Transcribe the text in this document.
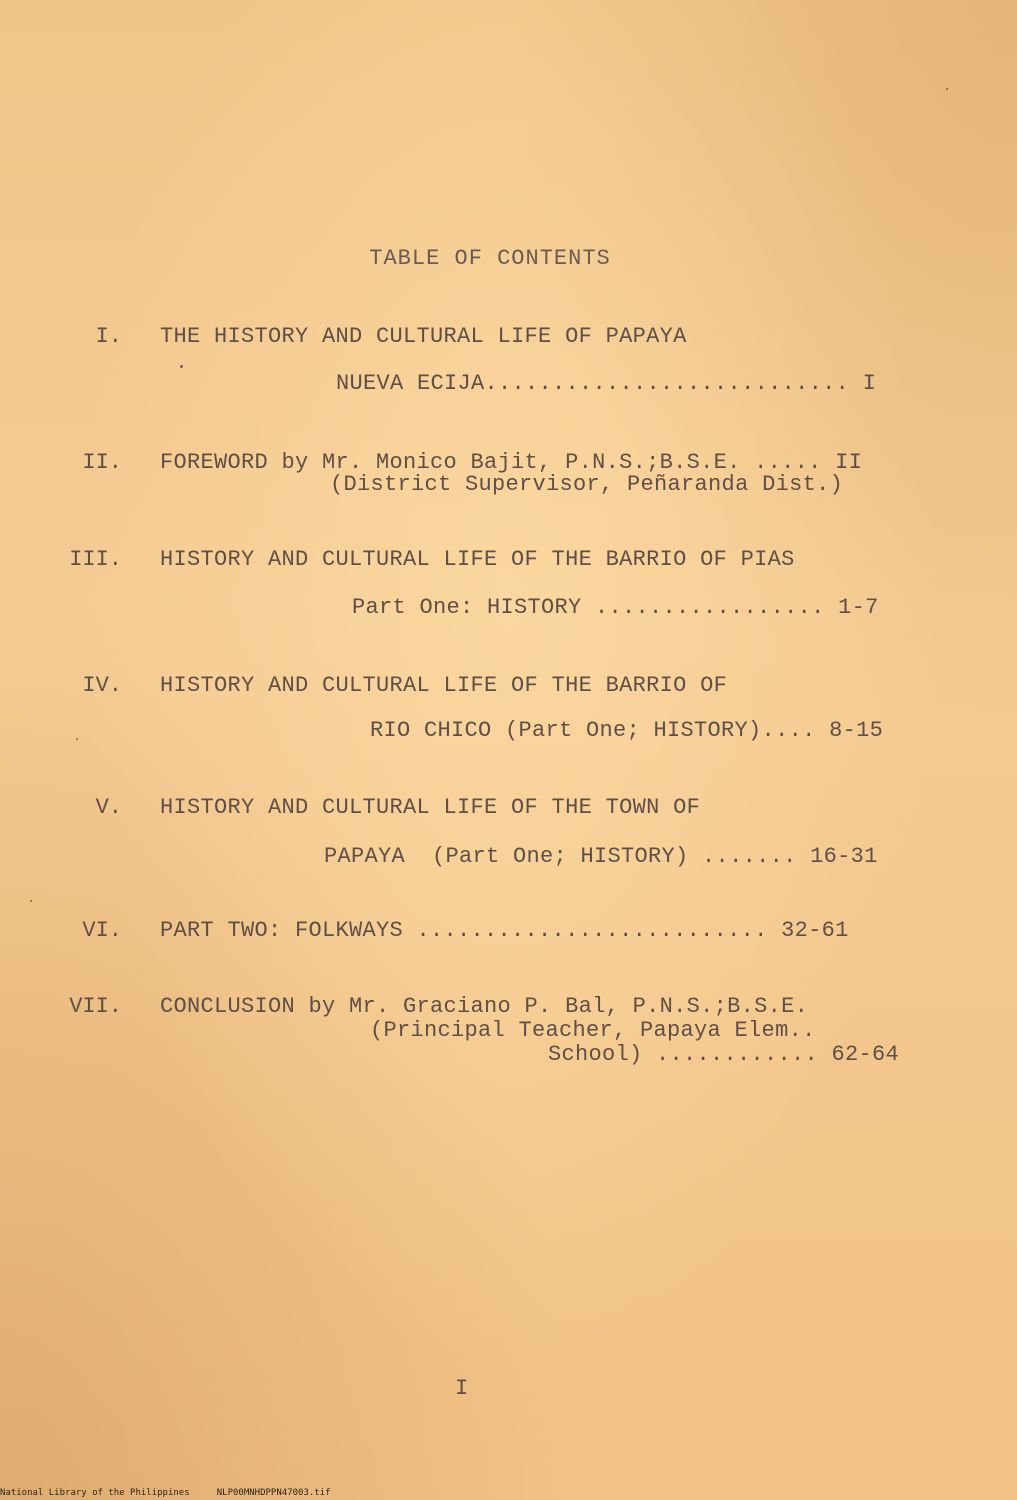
TABLE OF CONTENTS
I. THE HISTORY AND CULTURAL LIFE OF PAPAYA
NUEVA ECIJA........................... I
II. FOREWORD by Mr. Monico Bajit, P.N.S.;B.S.E. ..... II
(District Supervisor, Peñaranda Dist.)
III. HISTORY AND CULTURAL LIFE OF THE BARRIO OF PIAS
Part One: HISTORY ................. 1-7
IV. HISTORY AND CULTURAL LIFE OF THE BARRIO OF
RIO CHICO (Part One; HISTORY).... 8-15
V. HISTORY AND CULTURAL LIFE OF THE TOWN OF
PAPAYA  (Part One; HISTORY) ....... 16-31
VI. PART TWO: FOLKWAYS .......................... 32-61
VII. CONCLUSION by Mr. Graciano P. Bal, P.N.S.;B.S.E.
(Principal Teacher, Papaya Elem..
School) ............ 62-64
I
National Library of the Philippines	NLP00MNHDPPN47003.tif
